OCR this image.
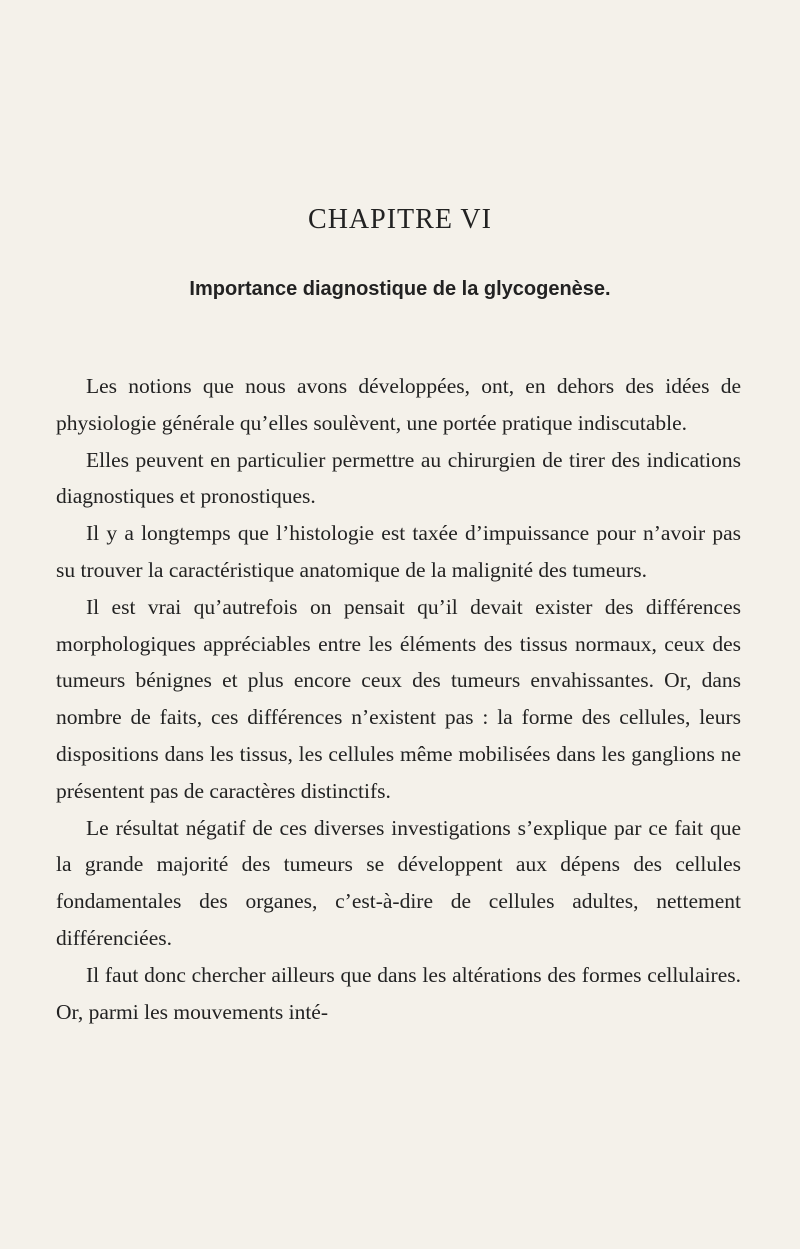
CHAPITRE VI
Importance diagnostique de la glycogenèse.

Les notions que nous avons développées, ont, en dehors des idées de physiologie générale qu’elles soulèvent, une portée pratique indiscutable.

Elles peuvent en particulier permettre au chirurgien de tirer des indications diagnostiques et pronostiques.

Il y a longtemps que l’histologie est taxée d’impuissance pour n’avoir pas su trouver la caractéristique anatomique de la malignité des tumeurs.

Il est vrai qu’autrefois on pensait qu’il devait exister des différences morphologiques appréciables entre les éléments des tissus normaux, ceux des tumeurs bénignes et plus encore ceux des tumeurs envahissantes. Or, dans nombre de faits, ces différences n’existent pas : la forme des cellules, leurs dispositions dans les tissus, les cellules même mobilisées dans les ganglions ne présentent pas de caractères distinctifs.

Le résultat négatif de ces diverses investigations s’explique par ce fait que la grande majorité des tumeurs se développent aux dépens des cellules fondamentales des organes, c’est-à-dire de cellules adultes, nettement différenciées.

Il faut donc chercher ailleurs que dans les altérations des formes cellulaires. Or, parmi les mouvements inté-
